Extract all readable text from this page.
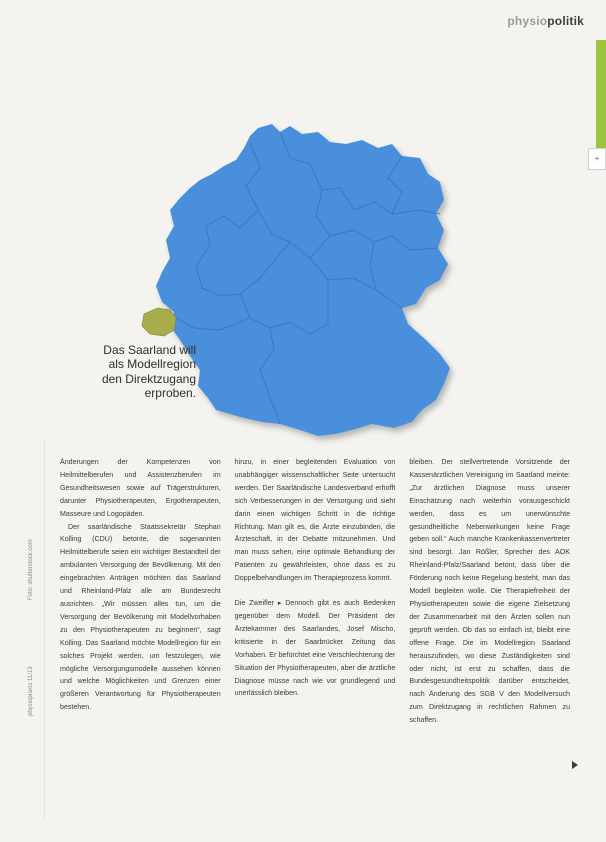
physiopolitik
+
Das Saarland will
als Modellregion
den Direktzugang
erproben.
Foto: shutterstock.com
physiopraxis 11/13

Änderungen der Kompetenzen von Heilmittelberufen und Assistenzberufen im Gesundheitswesen sowie auf Trägerstrukturen, darunter Physiotherapeuten, Ergotherapeuten, Masseure und Logopäden.

Der saarländische Staatssekretär Stephan Kolling (CDU) betonte, die sogenannten Heilmittelberufe seien ein wichtiger Bestandteil der ambulanten Versorgung der Bevölkerung. Mit den eingebrachten Anträgen möchten das Saarland und Rheinland-Pfalz alle am Bundesrecht ausrichten. „Wir müssen alles tun, um die Versorgung der Bevölkerung mit Modellvorhaben zu den Physiotherapeuten zu beginnen“, sagt Kolling. Das Saarland möchte Modellregion für ein solches Projekt werden, um festzulegen, wie mögliche Versorgungsmodelle aussehen können und welche Möglichkeiten und Grenzen einer größeren Verantwortung für Physiotherapeuten bestehen.

hinzu, in einer begleitenden Evaluation von unabhängiger wissenschaftlicher Seite untersucht werden. Der Saarländische Landesverband erhofft sich Verbesserungen in der Versorgung und sieht darin einen wichtigen Schritt in die richtige Richtung. Man gilt es, die Ärzte einzubinden, die Ärzteschaft, in der Debatte mitzunehmen. Und man muss sehen, eine optimale Behandlung der Patienten zu gewährleisten, ohne dass es zu Doppelbehandlungen im Therapieprozess kommt.

Die Zweifler ▸ Dennoch gibt es auch Bedenken gegenüber dem Modell. Der Präsident der Ärztekammer des Saarlandes, Josef Mischo, kritisierte in der Saarbrücker Zeitung das Vorhaben. Er befürchtet eine Verschlechterung der Situation der Physiotherapeuten, aber die ärztliche Diagnose müsse nach wie vor grundlegend und unerlässlich bleiben.

bleiben. Der stellvertretende Vorsitzende der Kassenärztlichen Vereinigung im Saarland meinte: „Zur ärztlichen Diagnose muss unserer Einschätzung nach weiterhin vorausgeschickt werden, dass es um unerwünschte gesundheitliche Nebenwirkungen keine Frage geben soll.“ Auch manche Krankenkassenvertreter sind besorgt. Jan Rößler, Sprecher des AOK Rheinland-Pfalz/Saarland betont, dass über die Förderung noch keine Regelung besteht, man das Modell begleiten wolle. Die Therapiefreiheit der Physiotherapeuten sowie die eigene Zielsetzung der Zusammenarbeit mit den Ärzten sollen nun geprüft werden. Ob das so einfach ist, bleibt eine offene Frage. Die im Modellregion Saarland herauszufinden, wo diese Zuständigkeiten sind oder nicht, ist erst zu schaffen, dass die Bundesgesundheitspolitik darüber entscheidet, nach Änderung des SGB V den Modellversuch zum Direktzugang in rechtlichen Rahmen zu schaffen.
